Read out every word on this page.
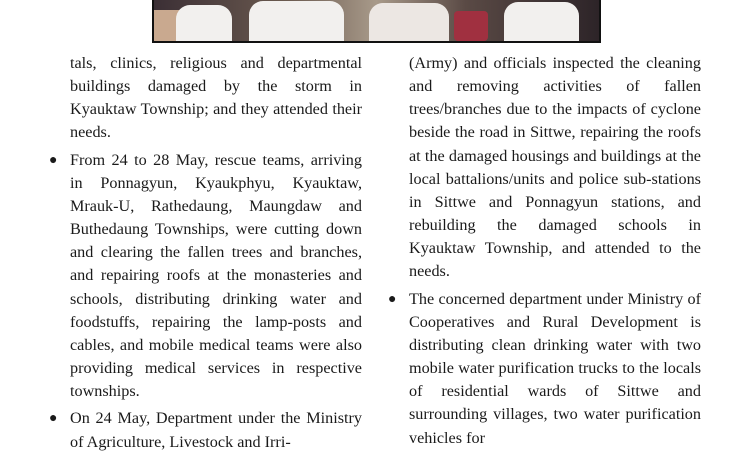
tals, clinics, religious and departmental buildings damaged by the storm in Kyauktaw Township; and they attended their needs.

● From 24 to 28 May, rescue teams, arriving in Ponnagyun, Kyaukphyu, Kyauktaw, Mrauk-U, Rathedaung, Maungdaw and Buthedaung Townships, were cutting down and clearing the fallen trees and branches, and repairing roofs at the monasteries and schools, distributing drinking water and foodstuffs, repairing the lamp-posts and cables, and mobile medical teams were also providing medical services in respective townships.

● On 24 May, Department under the Ministry of Agriculture, Livestock and Irri-

(Army) and officials inspected the cleaning and removing activities of fallen trees/branches due to the impacts of cyclone beside the road in Sittwe, repairing the roofs at the damaged housings and buildings at the local battalions/units and police sub-stations in Sittwe and Ponnagyun stations, and rebuilding the damaged schools in Kyauktaw Township, and attended to the needs.

● The concerned department under Ministry of Cooperatives and Rural Development is distributing clean drinking water with two mobile water purification trucks to the locals of residential wards of Sittwe and surrounding villages, two water purification vehicles for
